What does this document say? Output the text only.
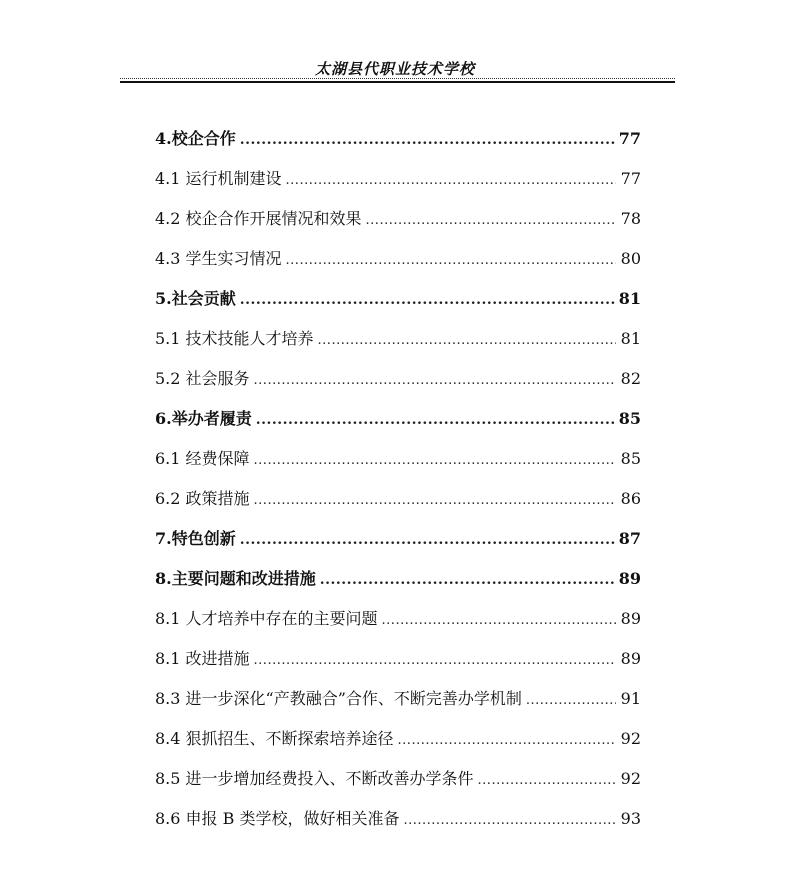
太湖县代职业技术学校
4.校企合作 .....	77
4.1 运行机制建设 .....	77
4.2 校企合作开展情况和效果 .....	78
4.3 学生实习情况 .....	80
5.社会贡献 .....	81
5.1 技术技能人才培养 .....	81
5.2 社会服务 .....	82
6.举办者履责 .....	85
6.1 经费保障 .....	85
6.2 政策措施 .....	86
7.特色创新 .....	87
8.主要问题和改进措施 .....	89
8.1 人才培养中存在的主要问题 .....	89
8.1 改进措施 .....	89
8.3 进一步深化“产教融合”合作、不断完善办学机制 .....	91
8.4 狠抓招生、不断探索培养途径 .....	92
8.5 进一步增加经费投入、不断改善办学条件 .....	92
8.6 申报 B 类学校，做好相关准备 .....	93
